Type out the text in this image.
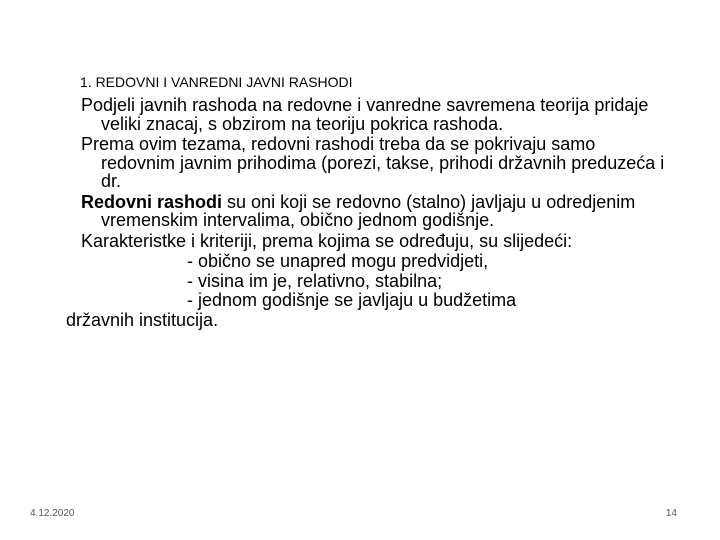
1. REDOVNI I VANREDNI JAVNI RASHODI

Podjeli javnih rashoda na redovne i vanredne savremena teorija pridaje veliki znacaj, s obzirom na teoriju pokrica rashoda.

Prema ovim tezama, redovni rashodi treba da se pokrivaju samo redovnim javnim prihodima (porezi, takse, prihodi državnih preduzeća i dr.

Redovni rashodi su oni koji se redovno (stalno) javljaju u odredjenim vremenskim intervalima, obično jednom godišnje.

Karakteristke i kriteriji, prema kojima se određuju, su slijedeći:

- obično se unapred mogu predvidjeti,
- visina im je, relativno, stabilna;
- jednom godišnje se javljaju u budžetima

državnih institucija.

4.12.2020	14
